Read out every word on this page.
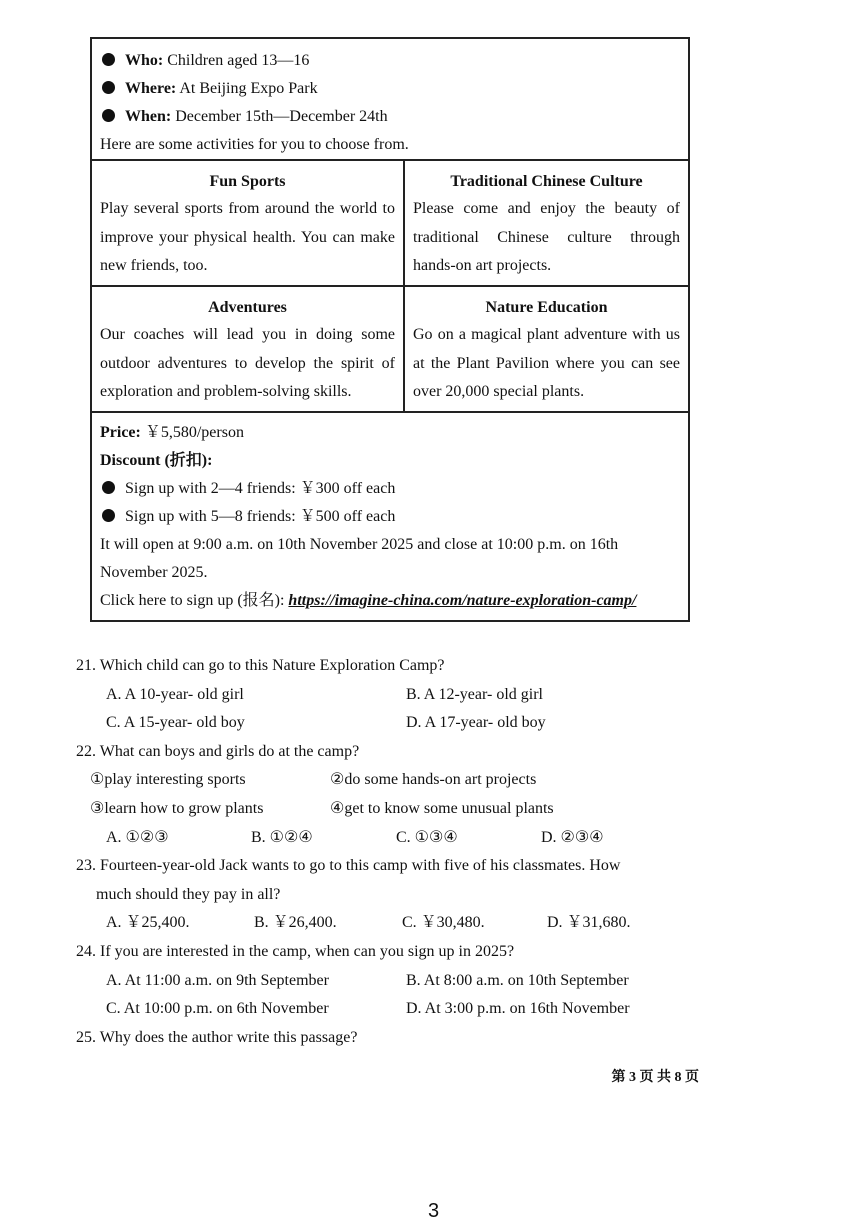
Who: Children aged 13—16
Where: At Beijing Expo Park
When: December 15th—December 24th
Here are some activities for you to choose from.
Fun Sports
Play several sports from around the world to improve your physical health. You can make new friends, too.
Traditional Chinese Culture
Please come and enjoy the beauty of traditional Chinese culture through hands-on art projects.
Adventures
Our coaches will lead you in doing some outdoor adventures to develop the spirit of exploration and problem-solving skills.
Nature Education
Go on a magical plant adventure with us at the Plant Pavilion where you can see over 20,000 special plants.
Price: ￥5,580/person
Discount (折扣):
Sign up with 2—4 friends: ￥300 off each
Sign up with 5—8 friends: ￥500 off each
It will open at 9:00 a.m. on 10th November 2025 and close at 10:00 p.m. on 16th
November 2025.
Click here to sign up (报名): https://imagine-china.com/nature-exploration-camp/
21. Which child can go to this Nature Exploration Camp?
A. A 10-year- old girl	B. A 12-year- old girl
C. A 15-year- old boy	D. A 17-year- old boy
22. What can boys and girls do at the camp?
①play interesting sports	②do some hands-on art projects
③learn how to grow plants	④get to know some unusual plants
A. ①②③	B. ①②④	C. ①③④	D. ②③④
23. Fourteen-year-old Jack wants to go to this camp with five of his classmates. How
much should they pay in all?
A. ￥25,400.	B. ￥26,400.	C. ￥30,480.	D. ￥31,680.
24. If you are interested in the camp, when can you sign up in 2025?
A. At 11:00 a.m. on 9th September	B. At 8:00 a.m. on 10th September
C. At 10:00 p.m. on 6th November	D. At 3:00 p.m. on 16th November
25. Why does the author write this passage?
第 3 页 共 8 页
3
